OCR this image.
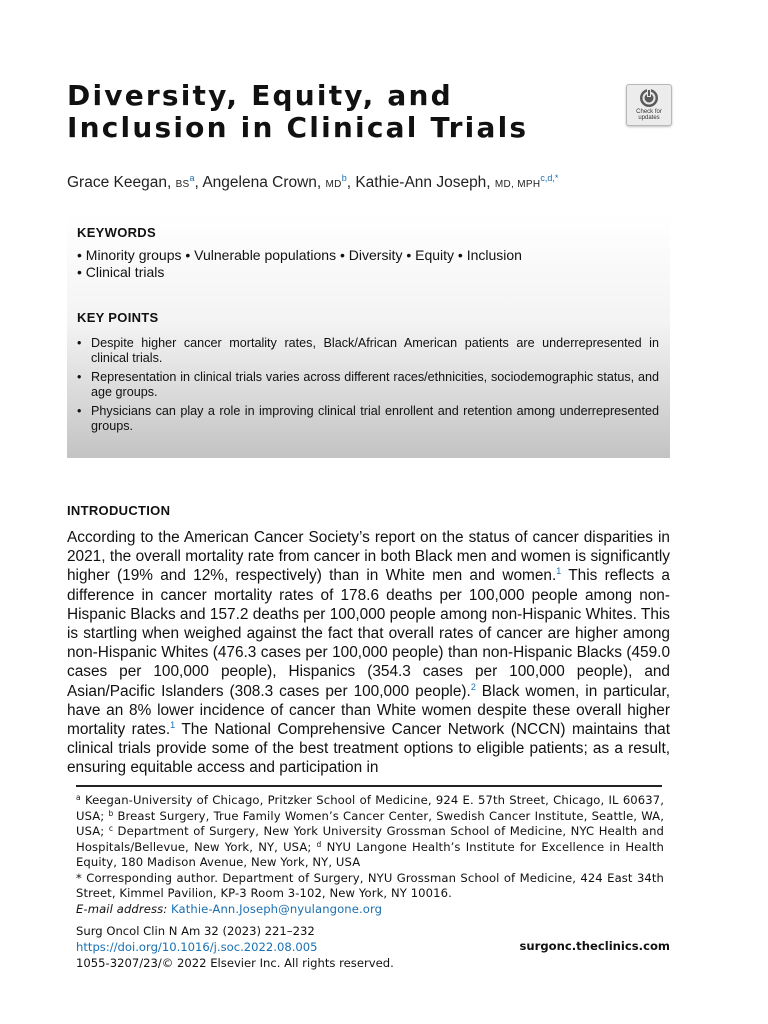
Diversity, Equity, and
Inclusion in Clinical Trials	Check for updates
Grace Keegan, $BS^a$, Angelena Crown, $MD^b$, Kathie-Ann Joseph, MD, $MPH^{c,d,*}$
KEYWORDS
• Minority groups • Vulnerable populations • Diversity • Equity • Inclusion
• Clinical trials
KEY POINTS
• Despite higher cancer mortality rates, Black/African American patients are underrepresented in clinical trials.
• Representation in clinical trials varies across different races/ethnicities, sociodemographic status, and age groups.
• Physicians can play a role in improving clinical trial enrollent and retention among underrepresented groups.
INTRODUCTION
According to the American Cancer Society’s report on the status of cancer disparities in 2021, the overall mortality rate from cancer in both Black men and women is significantly higher (19% and 12%, respectively) than in White men and women.$^1$ This reflects a difference in cancer mortality rates of 178.6 deaths per 100,000 people among non-Hispanic Blacks and 157.2 deaths per 100,000 people among non-Hispanic Whites. This is startling when weighed against the fact that overall rates of cancer are higher among non-Hispanic Whites (476.3 cases per 100,000 people) than non-Hispanic Blacks (459.0 cases per 100,000 people), Hispanics (354.3 cases per 100,000 people), and Asian/Pacific Islanders (308.3 cases per 100,000 people).$^2$ Black women, in particular, have an 8% lower incidence of cancer than White women despite these overall higher mortality rates.$^1$ The National Comprehensive Cancer Network (NCCN) maintains that clinical trials provide some of the best treatment options to eligible patients; as a result, ensuring equitable access and participation in
$^a$ Keegan-University of Chicago, Pritzker School of Medicine, 924 E. 57th Street, Chicago, IL 60637, USA; $^b$ Breast Surgery, True Family Women’s Cancer Center, Swedish Cancer Institute, Seattle, WA, USA; $^c$ Department of Surgery, New York University Grossman School of Medicine, NYC Health and Hospitals/Bellevue, New York, NY, USA; $^d$ NYU Langone Health’s Institute for Excellence in Health Equity, 180 Madison Avenue, New York, NY, USA
* Corresponding author. Department of Surgery, NYU Grossman School of Medicine, 424 East 34th Street, Kimmel Pavilion, KP-3 Room 3-102, New York, NY 10016.
E-mail address: Kathie-Ann.Joseph@nyulangone.org
Surg Oncol Clin N Am 32 (2023) 221–232
https://doi.org/10.1016/j.soc.2022.08.005
1055-3207/23/© 2022 Elsevier Inc. All rights reserved.
surgonc.theclinics.com
